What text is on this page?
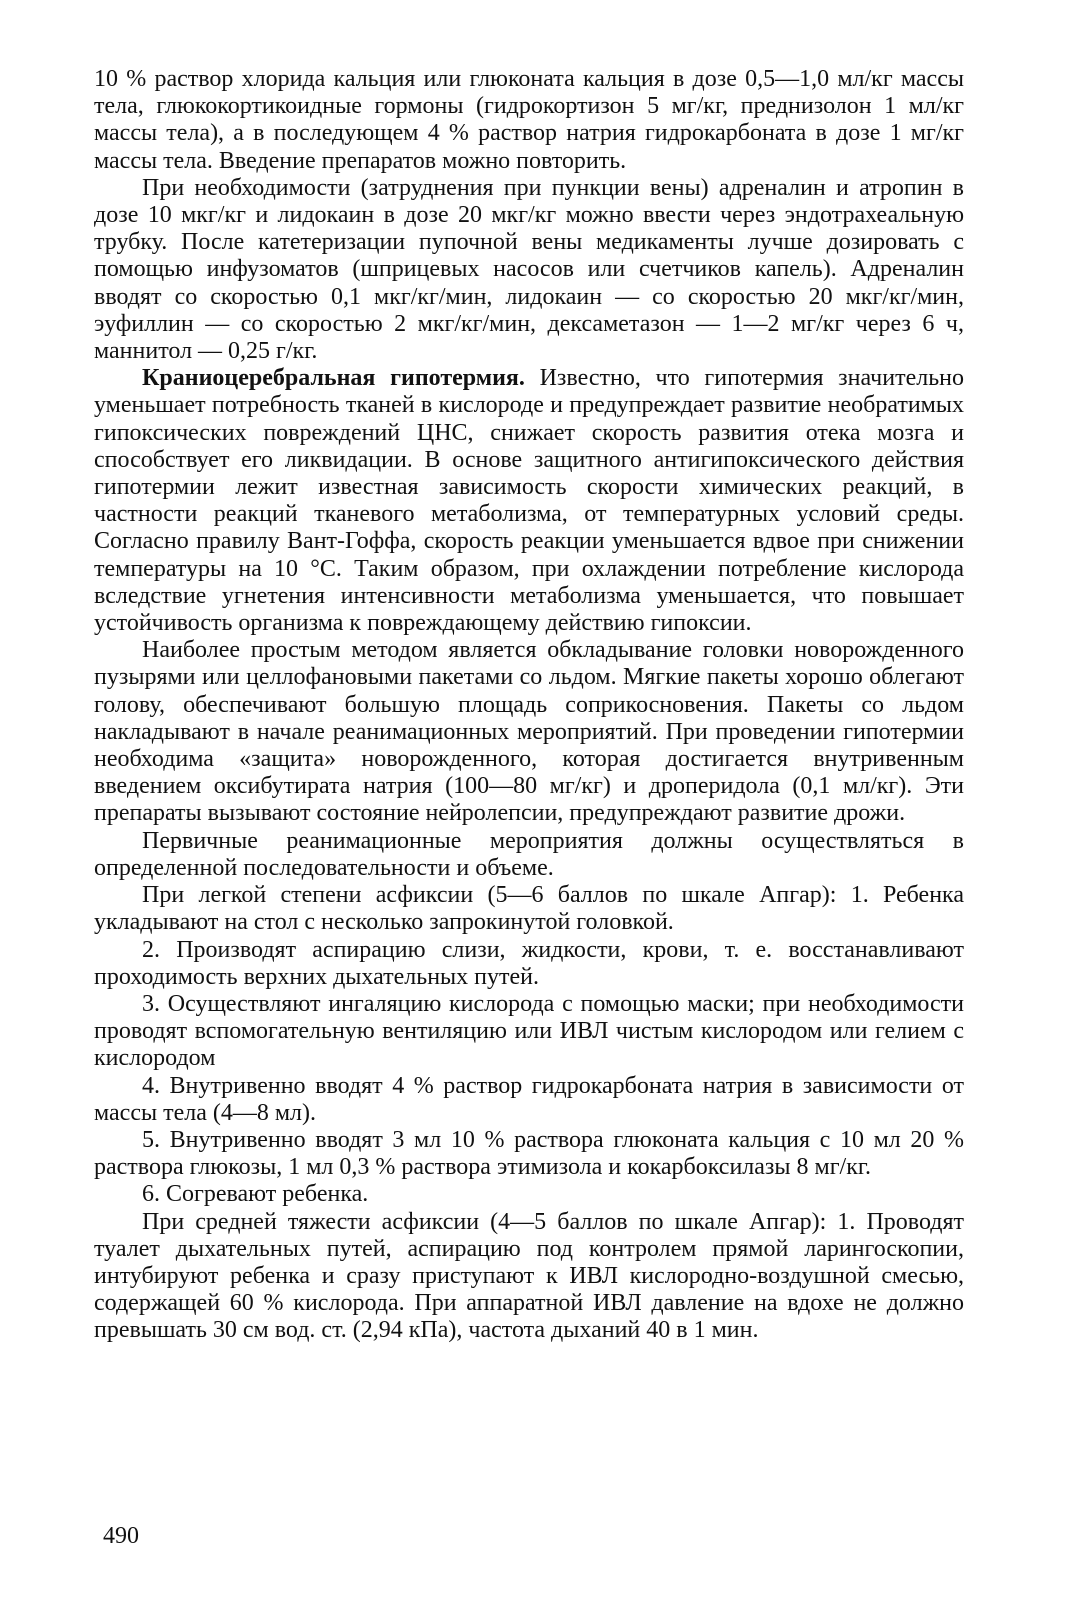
10 % раствор хлорида кальция или глюконата кальция в дозе 0,5—1,0 мл/кг массы тела, глюкокортикоидные гормоны (гидрокортизон 5 мг/кг, преднизолон 1 мл/кг массы тела), а в последующем 4 % раствор натрия гидрокарбоната в дозе 1 мг/кг массы тела. Введение препаратов можно повторить.

При необходимости (затруднения при пункции вены) адреналин и атропин в дозе 10 мкг/кг и лидокаин в дозе 20 мкг/кг можно ввести через эндотрахеальную трубку. После катетеризации пупочной вены медикаменты лучше дозировать с помощью инфузоматов (шприцевых насосов или счетчиков капель). Адреналин вводят со скоростью 0,1 мкг/кг/мин, лидокаин — со скоростью 20 мкг/кг/мин, эуфиллин — со скоростью 2 мкг/кг/мин, дексаметазон — 1—2 мг/кг через 6 ч, маннитол — 0,25 г/кг.

Краниоцеребральная гипотермия. Известно, что гипотермия значительно уменьшает потребность тканей в кислороде и предупреждает развитие необратимых гипоксических повреждений ЦНС, снижает скорость развития отека мозга и способствует его ликвидации. В основе защитного антигипоксического действия гипотермии лежит известная зависимость скорости химических реакций, в частности реакций тканевого метаболизма, от температурных условий среды. Согласно правилу Вант-Гоффа, скорость реакции уменьшается вдвое при снижении температуры на 10 °С. Таким образом, при охлаждении потребление кислорода вследствие угнетения интенсивности метаболизма уменьшается, что повышает устойчивость организма к повреждающему действию гипоксии.

Наиболее простым методом является обкладывание головки новорожденного пузырями или целлофановыми пакетами со льдом. Мягкие пакеты хорошо облегают голову, обеспечивают большую площадь соприкосновения. Пакеты со льдом накладывают в начале реанимационных мероприятий. При проведении гипотермии необходима «защита» новорожденного, которая достигается внутривенным введением оксибутирата натрия (100—80 мг/кг) и дроперидола (0,1 мл/кг). Эти препараты вызывают состояние нейролепсии, предупреждают развитие дрожи.

Первичные реанимационные мероприятия должны осуществляться в определенной последовательности и объеме.

При легкой степени асфиксии (5—6 баллов по шкале Апгар): 1. Ребенка укладывают на стол с несколько запрокинутой головкой.

2. Производят аспирацию слизи, жидкости, крови, т. е. восстанавливают проходимость верхних дыхательных путей.

3. Осуществляют ингаляцию кислорода с помощью маски; при необходимости проводят вспомогательную вентиляцию или ИВЛ чистым кислородом или гелием с кислородом

4. Внутривенно вводят 4 % раствор гидрокарбоната натрия в зависимости от массы тела (4—8 мл).

5. Внутривенно вводят 3 мл 10 % раствора глюконата кальция с 10 мл 20 % раствора глюкозы, 1 мл 0,3 % раствора этимизола и кокарбоксилазы 8 мг/кг.

6. Согревают ребенка.

При средней тяжести асфиксии (4—5 баллов по шкале Апгар): 1. Проводят туалет дыхательных путей, аспирацию под контролем прямой ларингоскопии, интубируют ребенка и сразу приступают к ИВЛ кислородно-воздушной смесью, содержащей 60 % кислорода. При аппаратной ИВЛ давление на вдохе не должно превышать 30 см вод. ст. (2,94 кПа), частота дыханий 40 в 1 мин.

490
